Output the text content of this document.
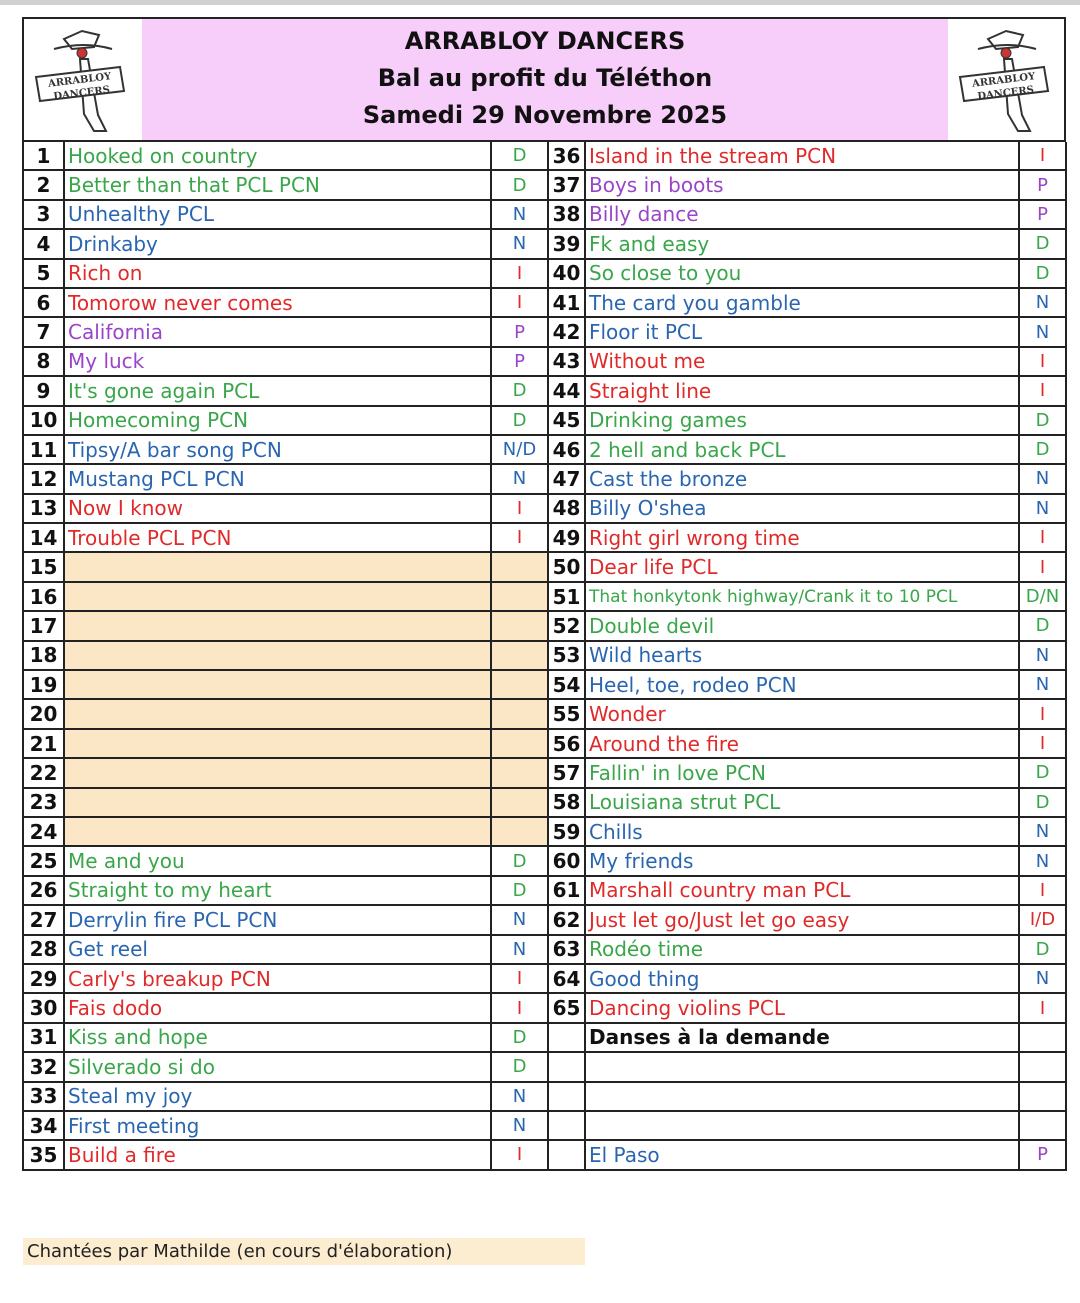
ARRABLOY
DANCERS
ARRABLOY DANCERS
Bal au profit du Téléthon
Samedi 29 Novembre 2025
ARRABLOY
DANCERS
1	Hooked on country	D	36	Island in the stream PCN	I
2	Better than that PCL PCN	D	37	Boys in boots	P
3	Unhealthy PCL	N	38	Billy dance	P
4	Drinkaby	N	39	Fk and easy	D
5	Rich on	I	40	So close to you	D
6	Tomorow never comes	I	41	The card you gamble	N
7	California	P	42	Floor it PCL	N
8	My luck	P	43	Without me	I
9	It's gone again PCL	D	44	Straight line	I
10	Homecoming PCN	D	45	Drinking games	D
11	Tipsy/A bar song PCN	N/D	46	2 hell and back PCL	D
12	Mustang PCL PCN	N	47	Cast the bronze	N
13	Now I know	I	48	Billy O'shea	N
14	Trouble PCL PCN	I	49	Right girl wrong time	I
15			50	Dear life PCL	I
16			51	That honkytonk highway/Crank it to 10 PCL	D/N
17			52	Double devil	D
18			53	Wild hearts	N
19			54	Heel, toe, rodeo PCN	N
20			55	Wonder	I
21			56	Around the fire	I
22			57	Fallin' in love PCN	D
23			58	Louisiana strut PCL	D
24			59	Chills	N
25	Me and you	D	60	My friends	N
26	Straight to my heart	D	61	Marshall country man PCL	I
27	Derrylin fire PCL PCN	N	62	Just let go/Just let go easy	I/D
28	Get reel	N	63	Rodéo time	D
29	Carly's breakup PCN	I	64	Good thing	N
30	Fais dodo	I	65	Dancing violins PCL	I
31	Kiss and hope	D		Danses à la demande	
32	Silverado si do	D			
33	Steal my joy	N			
34	First meeting	N			
35	Build a fire	I		El Paso	P
Chantées par Mathilde (en cours d'élaboration)
